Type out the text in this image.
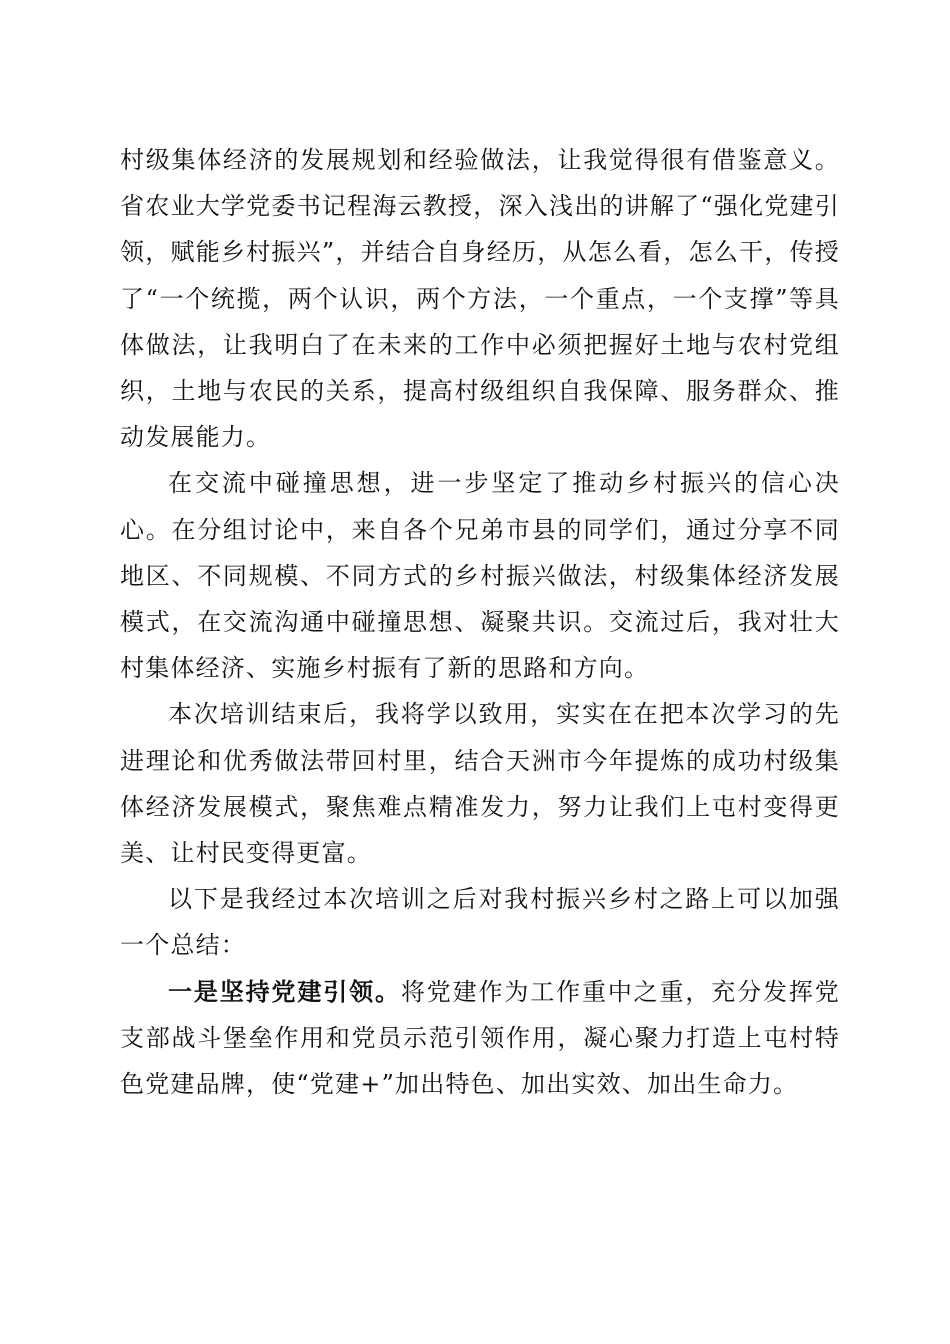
村级集体经济的发展规划和经验做法，让我觉得很有借鉴意义。省农业大学党委书记程海云教授，深入浅出的讲解了“强化党建引领，赋能乡村振兴”，并结合自身经历，从怎么看，怎么干，传授了“一个统揽，两个认识，两个方法，一个重点，一个支撑”等具体做法，让我明白了在未来的工作中必须把握好土地与农村党组织，土地与农民的关系，提高村级组织自我保障、服务群众、推动发展能力。

在交流中碰撞思想，进一步坚定了推动乡村振兴的信心决心。在分组讨论中，来自各个兄弟市县的同学们，通过分享不同地区、不同规模、不同方式的乡村振兴做法，村级集体经济发展模式，在交流沟通中碰撞思想、凝聚共识。交流过后，我对壮大村集体经济、实施乡村振有了新的思路和方向。

本次培训结束后，我将学以致用，实实在在把本次学习的先进理论和优秀做法带回村里，结合天洲市今年提炼的成功村级集体经济发展模式，聚焦难点精准发力，努力让我们上屯村变得更美、让村民变得更富。

以下是我经过本次培训之后对我村振兴乡村之路上可以加强一个总结：

一是坚持党建引领。将党建作为工作重中之重，充分发挥党支部战斗堡垒作用和党员示范引领作用，凝心聚力打造上屯村特色党建品牌，使“党建+”加出特色、加出实效、加出生命力。
